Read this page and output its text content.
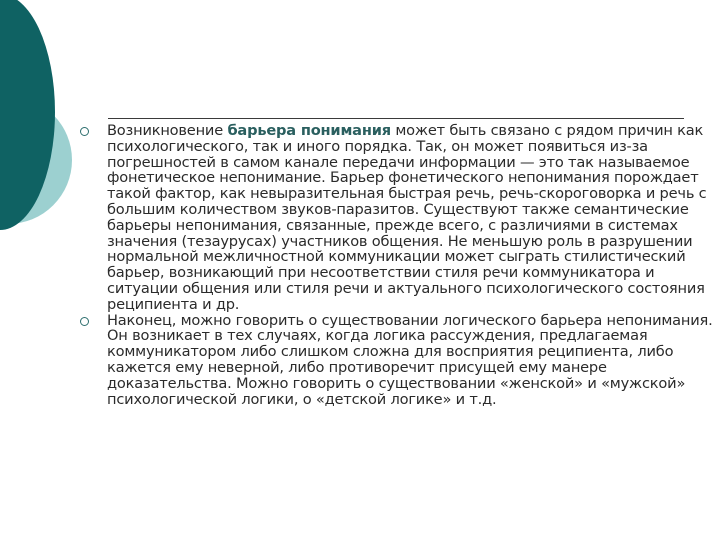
Возникновение барьера понимания может быть связано с рядом причин как психологического, так и иного порядка. Так, он может появиться из-за погрешностей в самом канале передачи информации — это так называемое фонетическое непонимание. Барьер фонетического непонимания порождает такой фактор, как невыразительная быстрая речь, речь-скороговорка и речь с большим количеством звуков-паразитов. Существуют также семантические барьеры непонимания, связанные, прежде всего, с различиями в системах значения (тезаурусах) участников общения. Не меньшую роль в разрушении нормальной межличностной коммуникации может сыграть стилистический барьер, возникающий при несоответствии стиля речи коммуникатора и ситуации общения или стиля речи и актуального психологического состояния реципиента и др.
Наконец, можно говорить о существовании логического барьера непонимания. Он возникает в тех случаях, когда логика рассуждения, предлагаемая коммуникатором либо слишком сложна для восприятия реципиента, либо кажется ему неверной, либо противоречит присущей ему манере доказательства. Можно говорить о существовании «женской» и «мужской» психологической логики, о «детской логике» и т.д.
